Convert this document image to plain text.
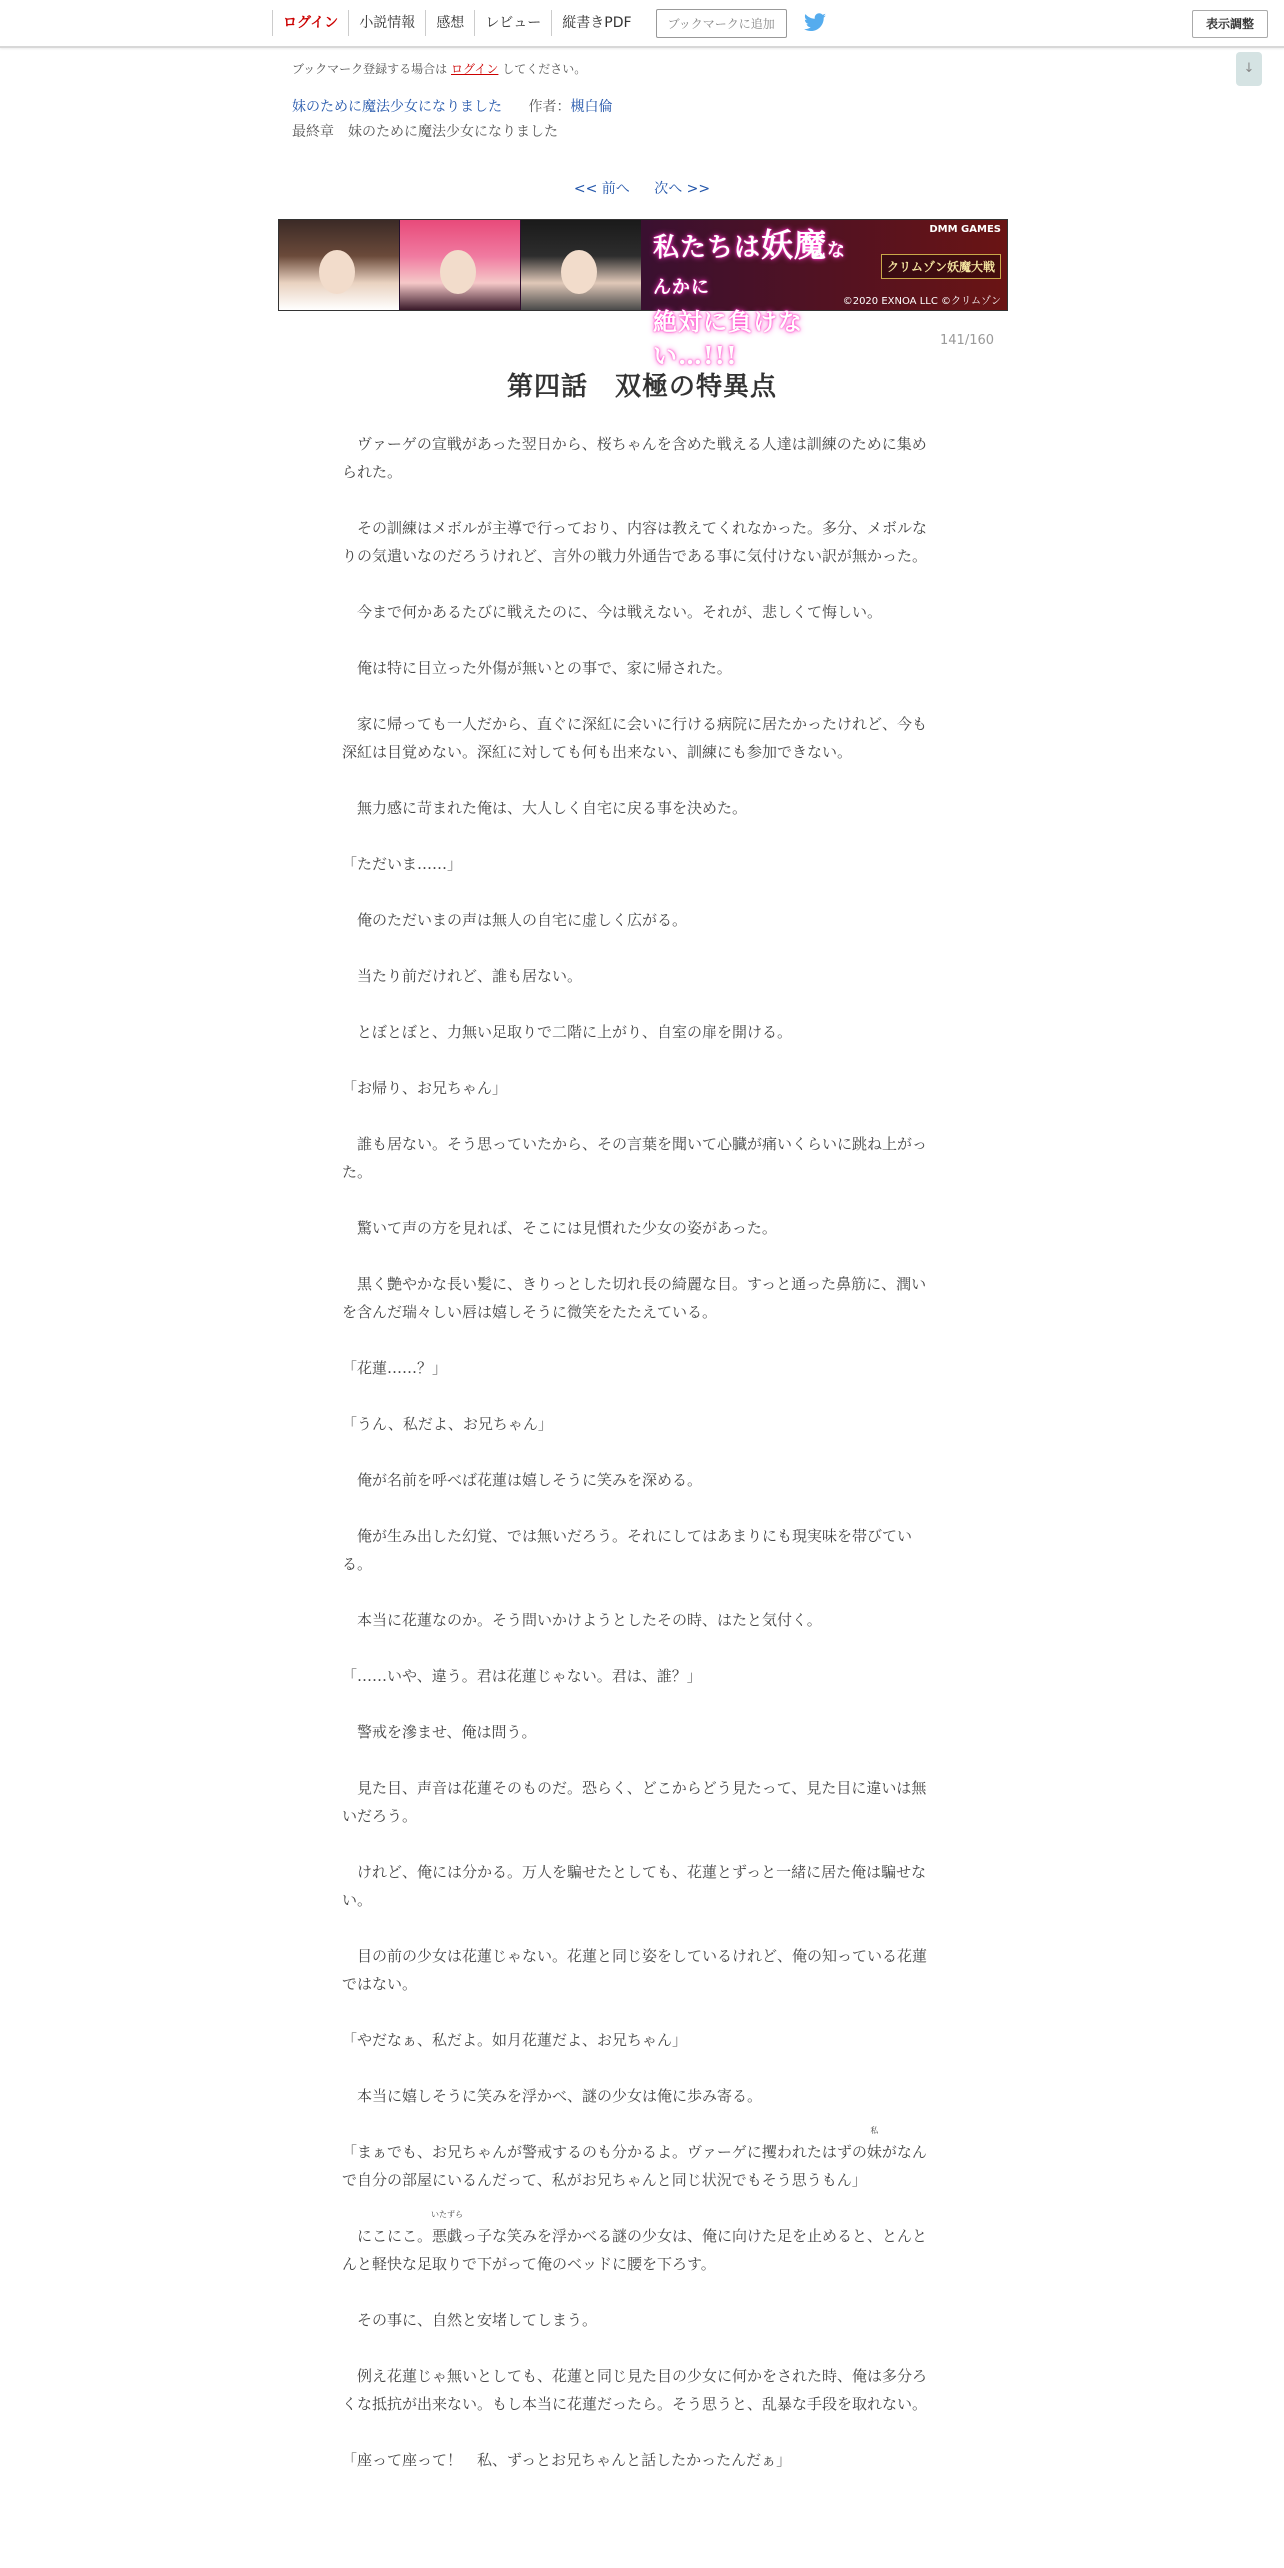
ログイン	小説情報	感想	レビュー	縦書きPDF	ブックマークに追加	表示調整
↓
ブックマーク登録する場合は ログイン してください。
妹のために魔法少女になりました 作者：槻白倫
最終章　妹のために魔法少女になりました
<< 前へ 次へ >>
私たちは妖魔なんかに
絶対に負けない…!!!
DMM GAMES
クリムゾン妖魔大戦
©2020 EXNOA LLC ©クリムゾン
141/160
第四話　双極の特異点

　ヴァーゲの宣戦があった翌日から、桜ちゃんを含めた戦える人達は訓練のために集められた。

　その訓練はメボルが主導で行っており、内容は教えてくれなかった。多分、メボルなりの気遣いなのだろうけれど、言外の戦力外通告である事に気付けない訳が無かった。

　今まで何かあるたびに戦えたのに、今は戦えない。それが、悲しくて悔しい。

　俺は特に目立った外傷が無いとの事で、家に帰された。

　家に帰っても一人だから、直ぐに深紅に会いに行ける病院に居たかったけれど、今も深紅は目覚めない。深紅に対しても何も出来ない、訓練にも参加できない。

　無力感に苛まれた俺は、大人しく自宅に戻る事を決めた。

「ただいま……」

　俺のただいまの声は無人の自宅に虚しく広がる。

　当たり前だけれど、誰も居ない。

　とぼとぼと、力無い足取りで二階に上がり、自室の扉を開ける。

「お帰り、お兄ちゃん」

　誰も居ない。そう思っていたから、その言葉を聞いて心臓が痛いくらいに跳ね上がった。

　驚いて声の方を見れば、そこには見慣れた少女の姿があった。

　黒く艶やかな長い髪に、きりっとした切れ長の綺麗な目。すっと通った鼻筋に、潤いを含んだ瑞々しい唇は嬉しそうに微笑をたたえている。

「花蓮……？」

「うん、私だよ、お兄ちゃん」

　俺が名前を呼べば花蓮は嬉しそうに笑みを深める。

　俺が生み出した幻覚、では無いだろう。それにしてはあまりにも現実味を帯びている。

　本当に花蓮なのか。そう問いかけようとしたその時、はたと気付く。

「……いや、違う。君は花蓮じゃない。君は、誰？」

　警戒を滲ませ、俺は問う。

　見た目、声音は花蓮そのものだ。恐らく、どこからどう見たって、見た目に違いは無いだろう。

　けれど、俺には分かる。万人を騙せたとしても、花蓮とずっと一緒に居た俺は騙せない。

　目の前の少女は花蓮じゃない。花蓮と同じ姿をしているけれど、俺の知っている花蓮ではない。

「やだなぁ、私だよ。如月花蓮だよ、お兄ちゃん」

　本当に嬉しそうに笑みを浮かべ、謎の少女は俺に歩み寄る。

「まぁでも、お兄ちゃんが警戒するのも分かるよ。ヴァーゲに攫われたはずの
私
妹がなんで自分の部屋にいるんだって、私がお兄ちゃんと同じ状況でもそう思うもん」

　にこにこ。
いたずら
悪戯っ子な笑みを浮かべる謎の少女は、俺に向けた足を止めると、とんとんと軽快な足取りで下がって俺のベッドに腰を下ろす。

　その事に、自然と安堵してしまう。

　例え花蓮じゃ無いとしても、花蓮と同じ見た目の少女に何かをされた時、俺は多分ろくな抵抗が出来ない。もし本当に花蓮だったら。そう思うと、乱暴な手段を取れない。

「座って座って！　私、ずっとお兄ちゃんと話したかったんだぁ」
